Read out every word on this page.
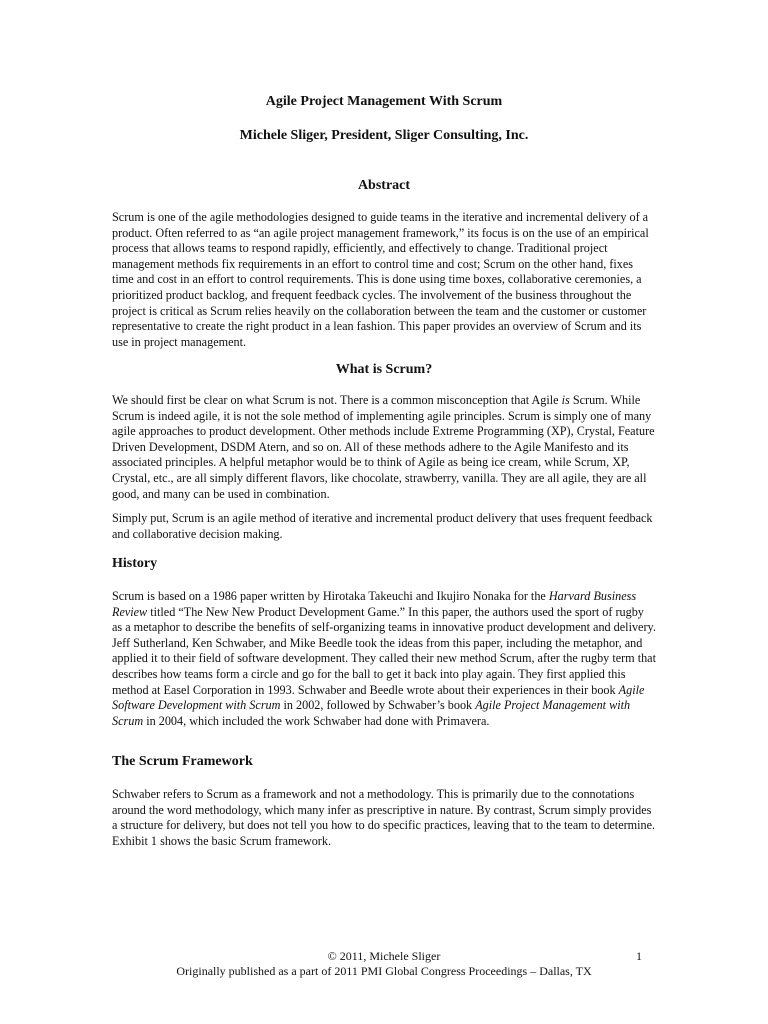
Agile Project Management With Scrum
Michele Sliger, President, Sliger Consulting, Inc.
Abstract

Scrum is one of the agile methodologies designed to guide teams in the iterative and incremental delivery of a product. Often referred to as “an agile project management framework,” its focus is on the use of an empirical process that allows teams to respond rapidly, efficiently, and effectively to change. Traditional project management methods fix requirements in an effort to control time and cost; Scrum on the other hand, fixes time and cost in an effort to control requirements. This is done using time boxes, collaborative ceremonies, a prioritized product backlog, and frequent feedback cycles. The involvement of the business throughout the project is critical as Scrum relies heavily on the collaboration between the team and the customer or customer representative to create the right product in a lean fashion. This paper provides an overview of Scrum and its use in project management.

What is Scrum?

We should first be clear on what Scrum is not. There is a common misconception that Agile is Scrum. While Scrum is indeed agile, it is not the sole method of implementing agile principles. Scrum is simply one of many agile approaches to product development. Other methods include Extreme Programming (XP), Crystal, Feature Driven Development, DSDM Atern, and so on. All of these methods adhere to the Agile Manifesto and its associated principles. A helpful metaphor would be to think of Agile as being ice cream, while Scrum, XP, Crystal, etc., are all simply different flavors, like chocolate, strawberry, vanilla. They are all agile, they are all good, and many can be used in combination.

Simply put, Scrum is an agile method of iterative and incremental product delivery that uses frequent feedback and collaborative decision making.

History

Scrum is based on a 1986 paper written by Hirotaka Takeuchi and Ikujiro Nonaka for the Harvard Business Review titled “The New New Product Development Game.” In this paper, the authors used the sport of rugby as a metaphor to describe the benefits of self-organizing teams in innovative product development and delivery. Jeff Sutherland, Ken Schwaber, and Mike Beedle took the ideas from this paper, including the metaphor, and applied it to their field of software development. They called their new method Scrum, after the rugby term that describes how teams form a circle and go for the ball to get it back into play again. They first applied this method at Easel Corporation in 1993. Schwaber and Beedle wrote about their experiences in their book Agile Software Development with Scrum in 2002, followed by Schwaber’s book Agile Project Management with Scrum in 2004, which included the work Schwaber had done with Primavera.

The Scrum Framework

Schwaber refers to Scrum as a framework and not a methodology. This is primarily due to the connotations around the word methodology, which many infer as prescriptive in nature. By contrast, Scrum simply provides a structure for delivery, but does not tell you how to do specific practices, leaving that to the team to determine. Exhibit 1 shows the basic Scrum framework.

© 2011, Michele Sliger	1
Originally published as a part of 2011 PMI Global Congress Proceedings – Dallas, TX
